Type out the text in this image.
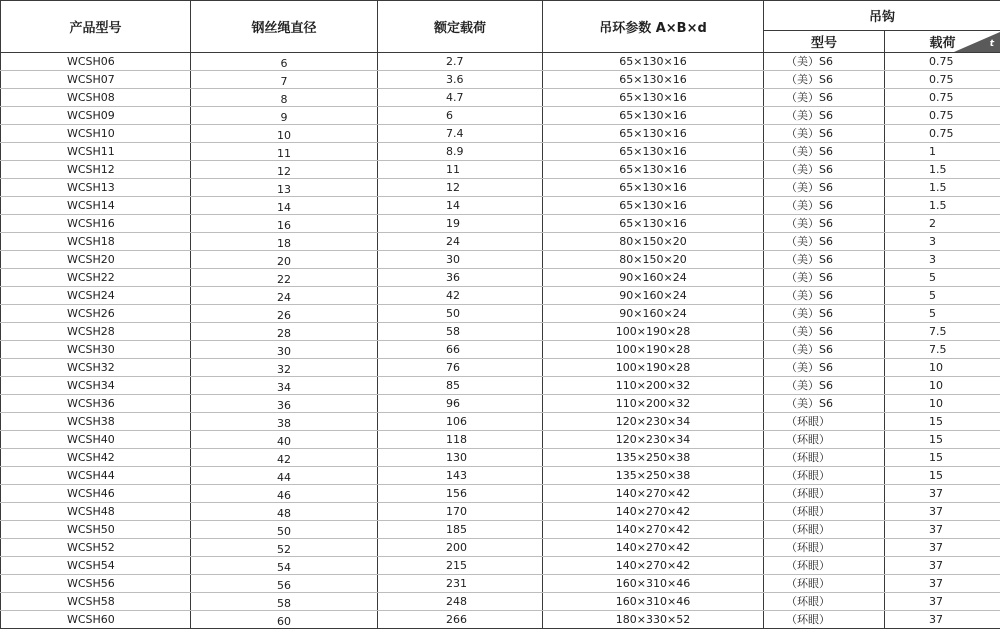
产品型号	钢丝绳直径	额定载荷	吊环参数 A×B×d	吊钩	
				型号	载荷 t

WCSH06	6	2.7	65×130×16	（美）S6	0.75
WCSH07	7	3.6	65×130×16	（美）S6	0.75
WCSH08	8	4.7	65×130×16	（美）S6	0.75
WCSH09	9	6	65×130×16	（美）S6	0.75
WCSH10	10	7.4	65×130×16	（美）S6	0.75
WCSH11	11	8.9	65×130×16	（美）S6	1
WCSH12	12	11	65×130×16	（美）S6	1.5
WCSH13	13	12	65×130×16	（美）S6	1.5
WCSH14	14	14	65×130×16	（美）S6	1.5
WCSH16	16	19	65×130×16	（美）S6	2
WCSH18	18	24	80×150×20	（美）S6	3
WCSH20	20	30	80×150×20	（美）S6	3
WCSH22	22	36	90×160×24	（美）S6	5
WCSH24	24	42	90×160×24	（美）S6	5
WCSH26	26	50	90×160×24	（美）S6	5
WCSH28	28	58	100×190×28	（美）S6	7.5
WCSH30	30	66	100×190×28	（美）S6	7.5
WCSH32	32	76	100×190×28	（美）S6	10
WCSH34	34	85	110×200×32	（美）S6	10
WCSH36	36	96	110×200×32	（美）S6	10
WCSH38	38	106	120×230×34	（环眼）	15
WCSH40	40	118	120×230×34	（环眼）	15
WCSH42	42	130	135×250×38	（环眼）	15
WCSH44	44	143	135×250×38	（环眼）	15
WCSH46	46	156	140×270×42	（环眼）	37
WCSH48	48	170	140×270×42	（环眼）	37
WCSH50	50	185	140×270×42	（环眼）	37
WCSH52	52	200	140×270×42	（环眼）	37
WCSH54	54	215	140×270×42	（环眼）	37
WCSH56	56	231	160×310×46	（环眼）	37
WCSH58	58	248	160×310×46	（环眼）	37
WCSH60	60	266	180×330×52	（环眼）	37
